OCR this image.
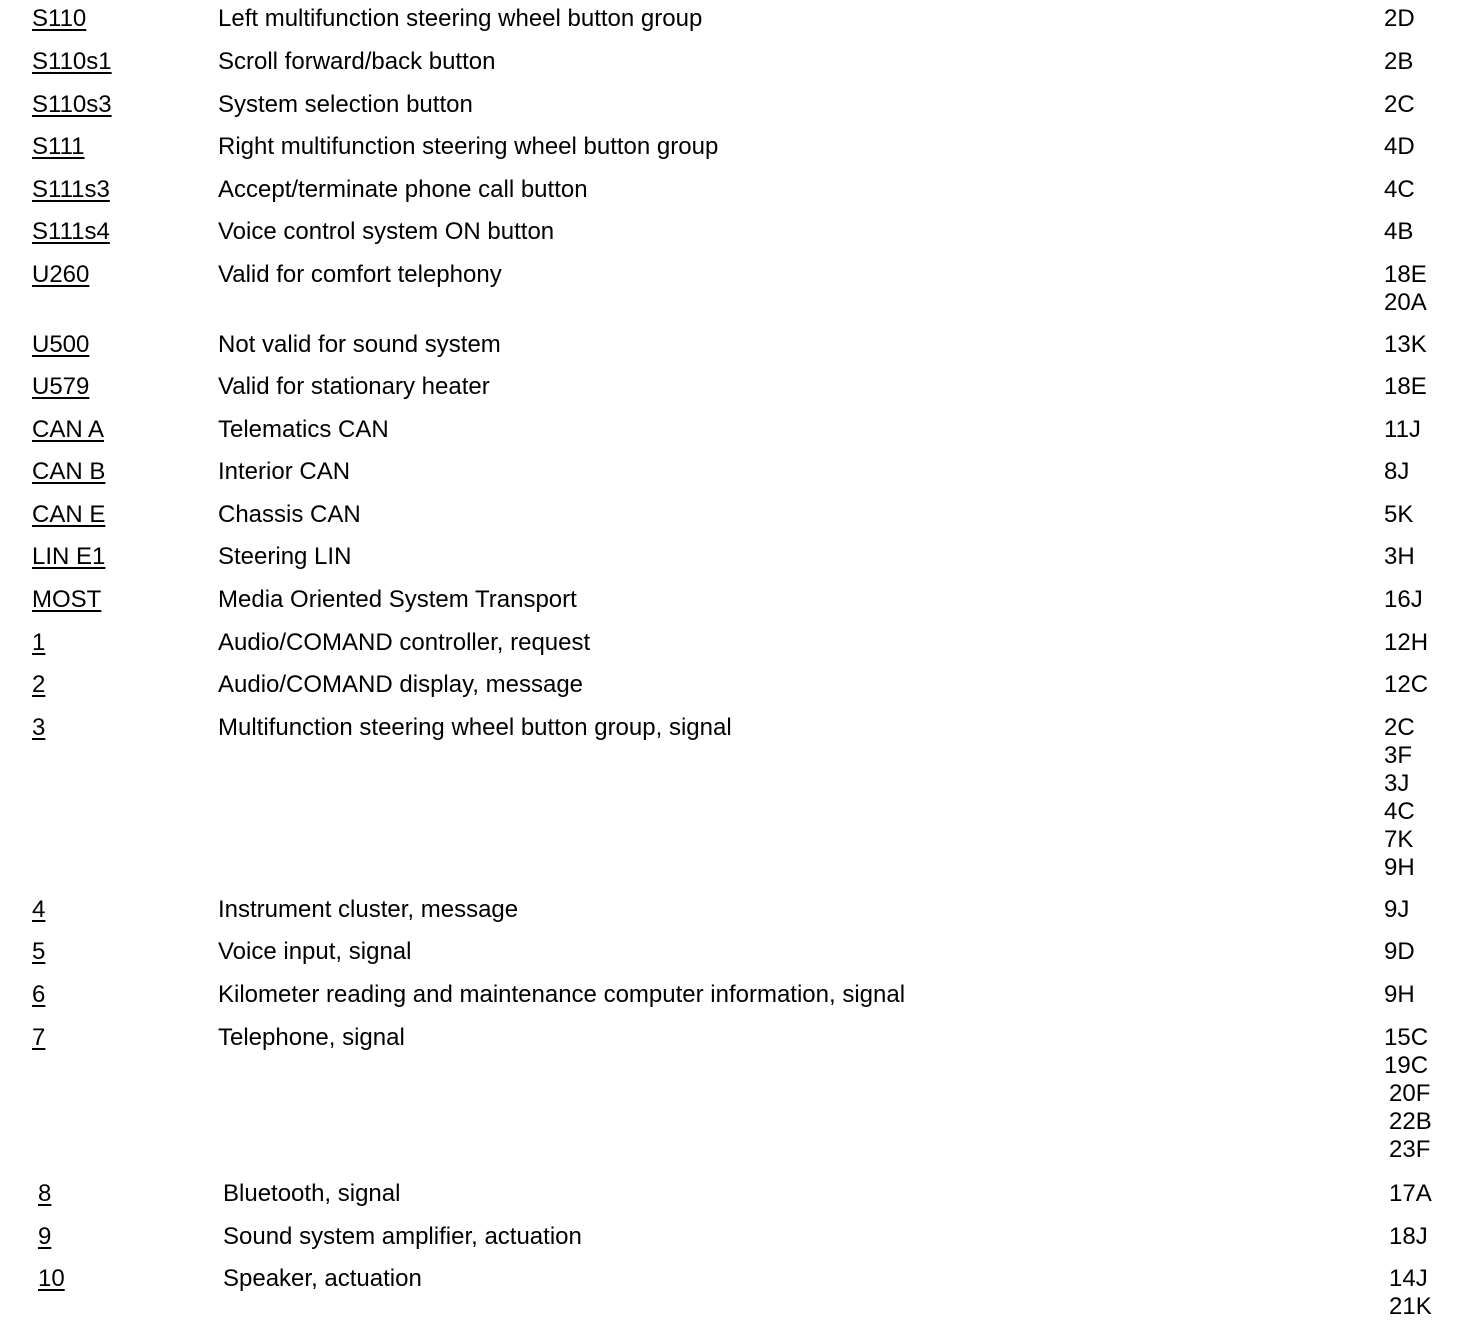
S110	Left multifunction steering wheel button group	2D
S110s1	Scroll forward/back button	2B
S110s3	System selection button	2C
S111	Right multifunction steering wheel button group	4D
S111s3	Accept/terminate phone call button	4C
S111s4	Voice control system ON button	4B
U260	Valid for comfort telephony	18E
20A
U500	Not valid for sound system	13K
U579	Valid for stationary heater	18E
CAN A	Telematics CAN	11J
CAN B	Interior CAN	8J
CAN E	Chassis CAN	5K
LIN E1	Steering LIN	3H
MOST	Media Oriented System Transport	16J
1	Audio/COMAND controller, request	12H
2	Audio/COMAND display, message	12C
3	Multifunction steering wheel button group, signal	2C
3F
3J
4C
7K
9H
4	Instrument cluster, message	9J
5	Voice input, signal	9D
6	Kilometer reading and maintenance computer information, signal	9H
7	Telephone, signal	15C
19C
20F
22B
23F
8	Bluetooth, signal	17A
9	Sound system amplifier, actuation	18J
10	Speaker, actuation	14J
21K
